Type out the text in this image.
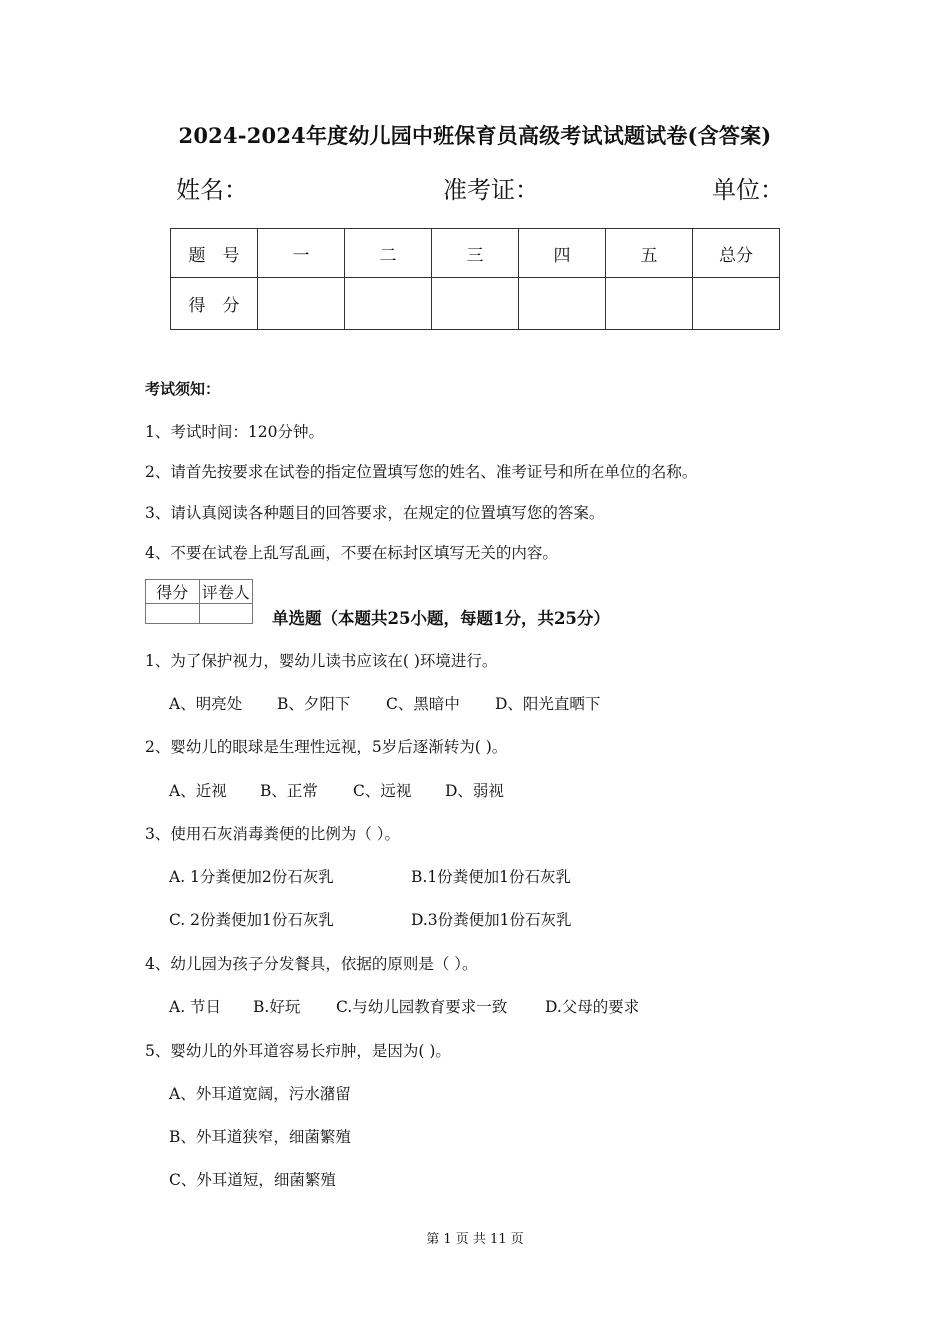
2024-2024年度幼儿园中班保育员高级考试试题试卷(含答案)
姓名：	准考证：	单位：
题　号	一	二	三	四	五	总分
得　分						
考试须知：
1、考试时间：120分钟。
2、请首先按要求在试卷的指定位置填写您的姓名、准考证号和所在单位的名称。
3、请认真阅读各种题目的回答要求，在规定的位置填写您的答案。
4、不要在试卷上乱写乱画，不要在标封区填写无关的内容。
得分	评卷人

单选题（本题共25小题，每题1分，共25分）
1、为了保护视力，婴幼儿读书应该在( )环境进行。
A、明亮处 B、夕阳下 C、黑暗中 D、阳光直晒下
2、婴幼儿的眼球是生理性远视，5岁后逐渐转为( )。
A、近视 B、正常 C、远视 D、弱视
3、使用石灰消毒粪便的比例为（ ）。
A. 1分粪便加2份石灰乳	B.1份粪便加1份石灰乳
C. 2份粪便加1份石灰乳	D.3份粪便加1份石灰乳
4、幼儿园为孩子分发餐具，依据的原则是（ ）。
A. 节日 B.好玩 C.与幼儿园教育要求一致 D.父母的要求
5、婴幼儿的外耳道容易长疖肿，是因为( )。
A、外耳道宽阔，污水潴留
B、外耳道狭窄，细菌繁殖
C、外耳道短，细菌繁殖
第 1 页 共 11 页
